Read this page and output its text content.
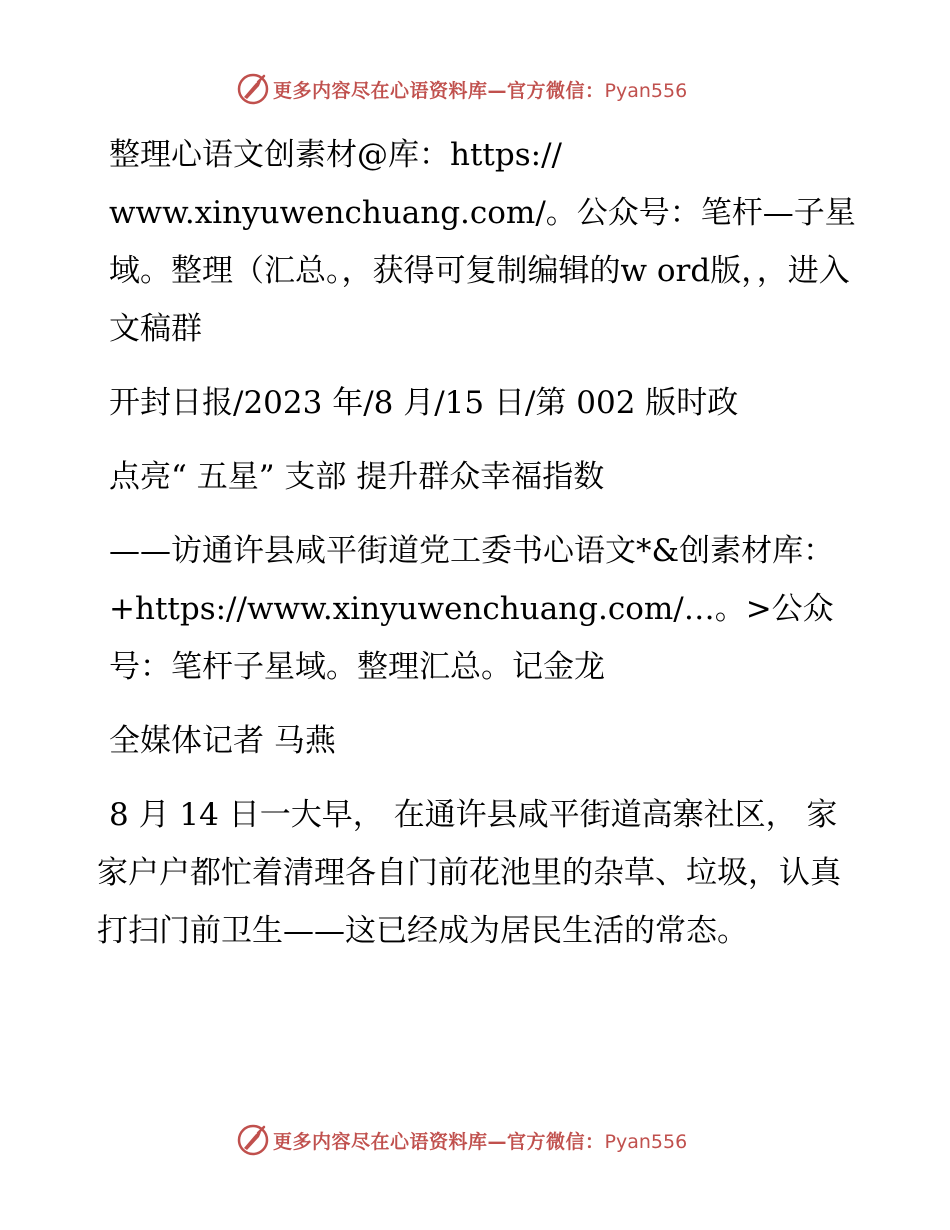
更多内容尽在心语资料库—官方微信：Pyan556

整理心语文创素材@库：https://
www.xinyuwenchuang.com/。公众号：笔杆—子星域。整理（汇总。，获得可复制编辑的w ord版，，进入文稿群

开封日报/2023 年/8 月/15 日/第 002 版时政

点亮“ 五星” 支部 提升群众幸福指数

——访通许县咸平街道党工委书心语文*&创素材库：+https://www.xinyuwenchuang.com/…。>公众号：笔杆子星域。整理汇总。记金龙

全媒体记者 马燕

8 月 14 日一大早， 在通许县咸平街道高寨社区， 家家户户都忙着清理各自门前花池里的杂草、垃圾，认真打扫门前卫生——这已经成为居民生活的常态。

更多内容尽在心语资料库—官方微信：Pyan556
